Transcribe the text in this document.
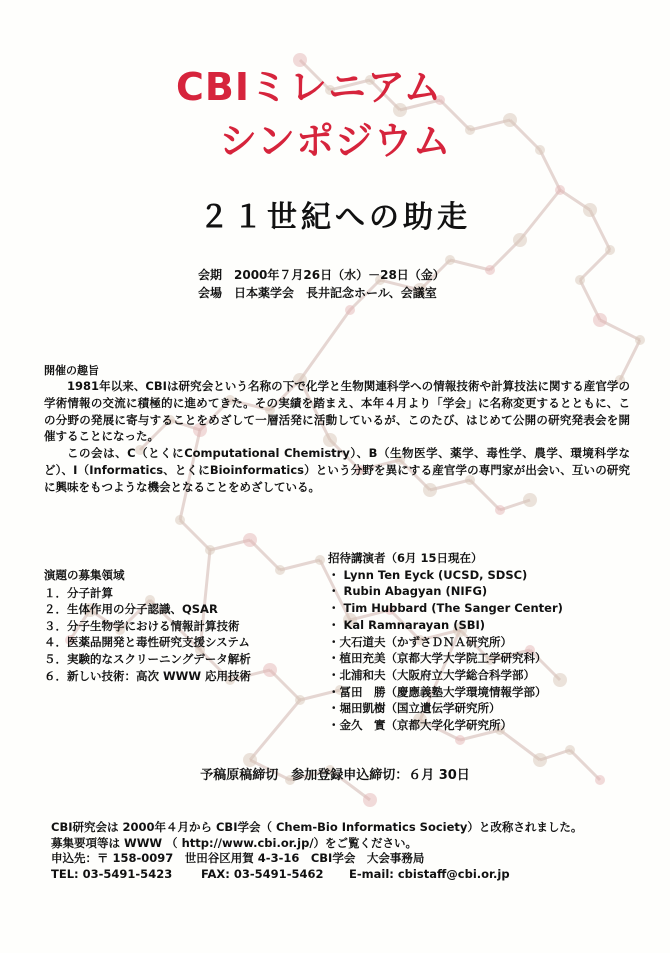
CBIミレニアム
シンポジウム
２１世紀への助走
会期　2000年７月26日（水）－28日（金）
会場　日本薬学会　長井記念ホール、会議室
開催の趣旨

1981年以来、CBIは研究会という名称の下で化学と生物関連科学への情報技術や計算技法に関する産官学の学術情報の交流に積極的に進めてきた。その実績を踏まえ、本年４月より「学会」に名称変更するとともに、この分野の発展に寄与することをめざして一層活発に活動しているが、このたび、はじめて公開の研究発表会を開催することになった。

この会は、C（とくにComputational Chemistry）、B（生物医学、薬学、毒性学、農学、環境科学など）、I（Informatics、とくにBioinformatics）という分野を異にする産官学の専門家が出会い、互いの研究に興味をもつような機会となることをめざしている。

演題の募集領域
１．分子計算
２．生体作用の分子認識、QSAR
３．分子生物学における情報計算技術
４．医薬品開発と毒性研究支援システム
５．実験的なスクリーニングデータ解析
６．新しい技術：高次 WWW 応用技術
招待講演者（6月 15日現在）
・ Lynn Ten Eyck (UCSD, SDSC)
・ Rubin Abagyan (NIFG)
・ Tim Hubbard (The Sanger Center)
・ Kal Ramnarayan (SBI)
・大石道夫（かずさＤＮＡ研究所）
・植田充美（京都大学大学院工学研究科）
・北浦和夫（大阪府立大学総合科学部）
・冨田　勝（慶應義塾大学環境情報学部）
・堀田凱樹（国立遺伝学研究所）
・金久　實（京都大学化学研究所）
予稿原稿締切　参加登録申込締切：６月 30日
CBI研究会は 2000年４月から CBI学会（ Chem-Bio Informatics Society）と改称されました。
募集要項等は WWW （ http://www.cbi.or.jp/）をご覧ください。
申込先：〒 158-0097　世田谷区用賀 4-3-16　CBI学会　大会事務局
TEL: 03-5491-5423	FAX: 03-5491-5462 E-mail: cbistaff@cbi.or.jp
